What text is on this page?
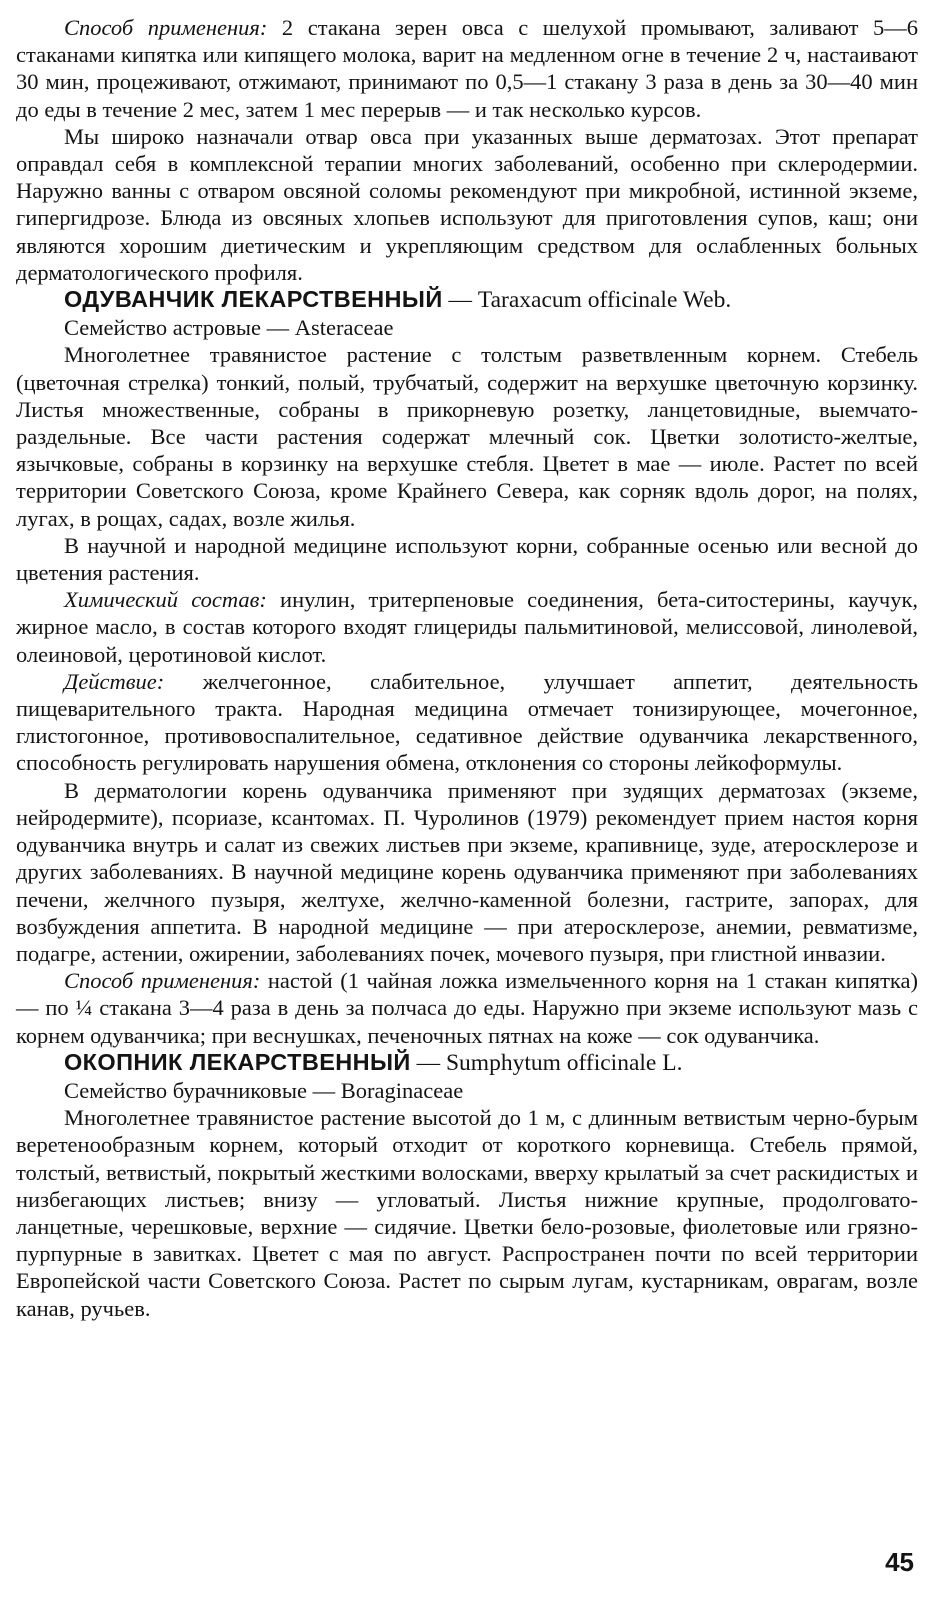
Способ применения: 2 стакана зерен овса с шелухой промывают, заливают 5—6 стаканами кипятка или кипящего молока, варит на медленном огне в течение 2 ч, настаивают 30 мин, процеживают, отжимают, принимают по 0,5—1 стакану 3 раза в день за 30—40 мин до еды в течение 2 мес, затем 1 мес перерыв — и так несколько курсов.

Мы широко назначали отвар овса при указанных выше дерматозах. Этот препарат оправдал себя в комплексной терапии многих заболеваний, особенно при склеродермии. Наружно ванны с отваром овсяной соломы рекомендуют при микробной, истинной экземе, гипергидрозе. Блюда из овсяных хлопьев используют для приготовления супов, каш; они являются хорошим диетическим и укрепляющим средством для ослабленных больных дерматологического профиля.

ОДУВАНЧИК ЛЕКАРСТВЕННЫЙ — Taraxacum officinale Web.
Семейство астровые — Asteraceae

Многолетнее травянистое растение с толстым разветвленным корнем. Стебель (цветочная стрелка) тонкий, полый, трубчатый, содержит на верхушке цветочную корзинку. Листья множественные, собраны в прикорневую розетку, ланцетовидные, выемчато-раздельные. Все части растения содержат млечный сок. Цветки золотисто-желтые, язычковые, собраны в корзинку на верхушке стебля. Цветет в мае — июле. Растет по всей территории Советского Союза, кроме Крайнего Севера, как сорняк вдоль дорог, на полях, лугах, в рощах, садах, возле жилья.

В научной и народной медицине используют корни, собранные осенью или весной до цветения растения.

Химический состав: инулин, тритерпеновые соединения, бета-ситостерины, каучук, жирное масло, в состав которого входят глицериды пальмитиновой, мелиссовой, линолевой, олеиновой, церотиновой кислот.

Действие: желчегонное, слабительное, улучшает аппетит, деятельность пищеварительного тракта. Народная медицина отмечает тонизирующее, мочегонное, глистогонное, противовоспалительное, седативное действие одуванчика лекарственного, способность регулировать нарушения обмена, отклонения со стороны лейкоформулы.

В дерматологии корень одуванчика применяют при зудящих дерматозах (экземе, нейродермите), псориазе, ксантомах. П. Чуролинов (1979) рекомендует прием настоя корня одуванчика внутрь и салат из свежих листьев при экземе, крапивнице, зуде, атеросклерозе и других заболеваниях. В научной медицине корень одуванчика применяют при заболеваниях печени, желчного пузыря, желтухе, желчно-каменной болезни, гастрите, запорах, для возбуждения аппетита. В народной медицине — при атеросклерозе, анемии, ревматизме, подагре, астении, ожирении, заболеваниях почек, мочевого пузыря, при глистной инвазии.

Способ применения: настой (1 чайная ложка измельченного корня на 1 стакан кипятка) — по ¼ стакана 3—4 раза в день за полчаса до еды. Наружно при экземе используют мазь с корнем одуванчика; при веснушках, печеночных пятнах на коже — сок одуванчика.

ОКОПНИК ЛЕКАРСТВЕННЫЙ — Sumphytum officinale L.
Семейство бурачниковые — Boraginaceae

Многолетнее травянистое растение высотой до 1 м, с длинным ветвистым черно-бурым веретенообразным корнем, который отходит от короткого корневища. Стебель прямой, толстый, ветвистый, покрытый жесткими волосками, вверху крылатый за счет раскидистых и низбегающих листьев; внизу — угловатый. Листья нижние крупные, продолговато-ланцетные, черешковые, верхние — сидячие. Цветки бело-розовые, фиолетовые или грязно-пурпурные в завитках. Цветет с мая по август. Распространен почти по всей территории Европейской части Советского Союза. Растет по сырым лугам, кустарникам, оврагам, возле канав, ручьев.

45
